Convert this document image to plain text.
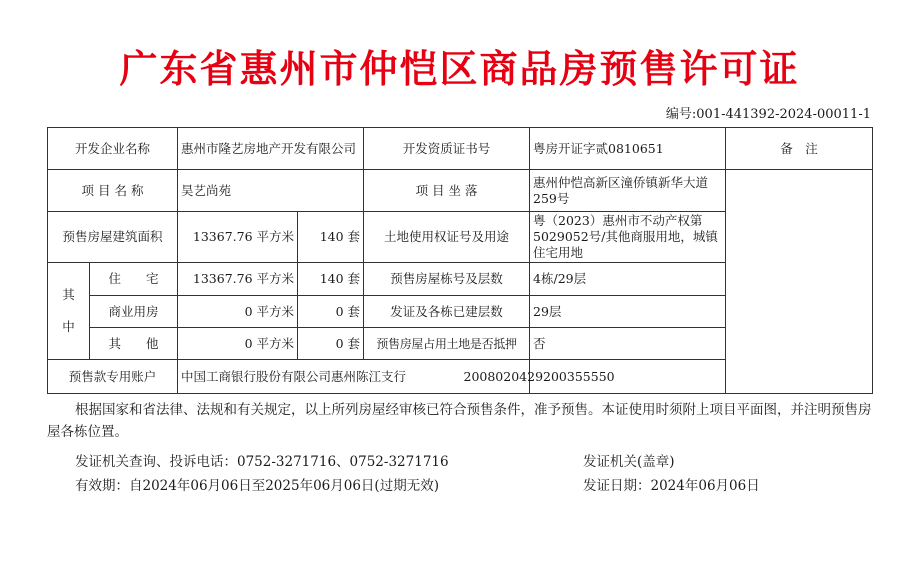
广东省惠州市仲恺区商品房预售许可证
编号:001-441392-2024-00011-1
开发企业名称		惠州市隆艺房地产开发有限公司		开发资质证书号	粤房开证字贰0810651	备　注
项 目 名 称		昊艺尚苑		项 目 坐 落	惠州仲恺高新区潼侨镇新华大道259号	
预售房屋建筑面积		13367.76 平方米	140 套	土地使用权证号及用途	粤（2023）惠州市不动产权第5029052号/其他商服用地，城镇住宅用地	
其中	住　　宅	13367.76 平方米	140 套	预售房屋栋号及层数	4栋/29层	
	商业用房	0 平方米	0 套	发证及各栋已建层数	29层	
	其　　他	0 平方米	0 套	预售房屋占用土地是否抵押	否	
预售款专用账户		中国工商银行股份有限公司惠州陈江支行 2008020429200355550				

根据国家和省法律、法规和有关规定，以上所列房屋经审核已符合预售条件，准予预售。本证使用时须附上项目平面图，并注明预售房屋各栋位置。
发证机关查询、投诉电话：0752-3271716、0752-3271716	发证机关(盖章)
有效期：自2024年06月06日至2025年06月06日(过期无效)	发证日期：2024年06月06日
